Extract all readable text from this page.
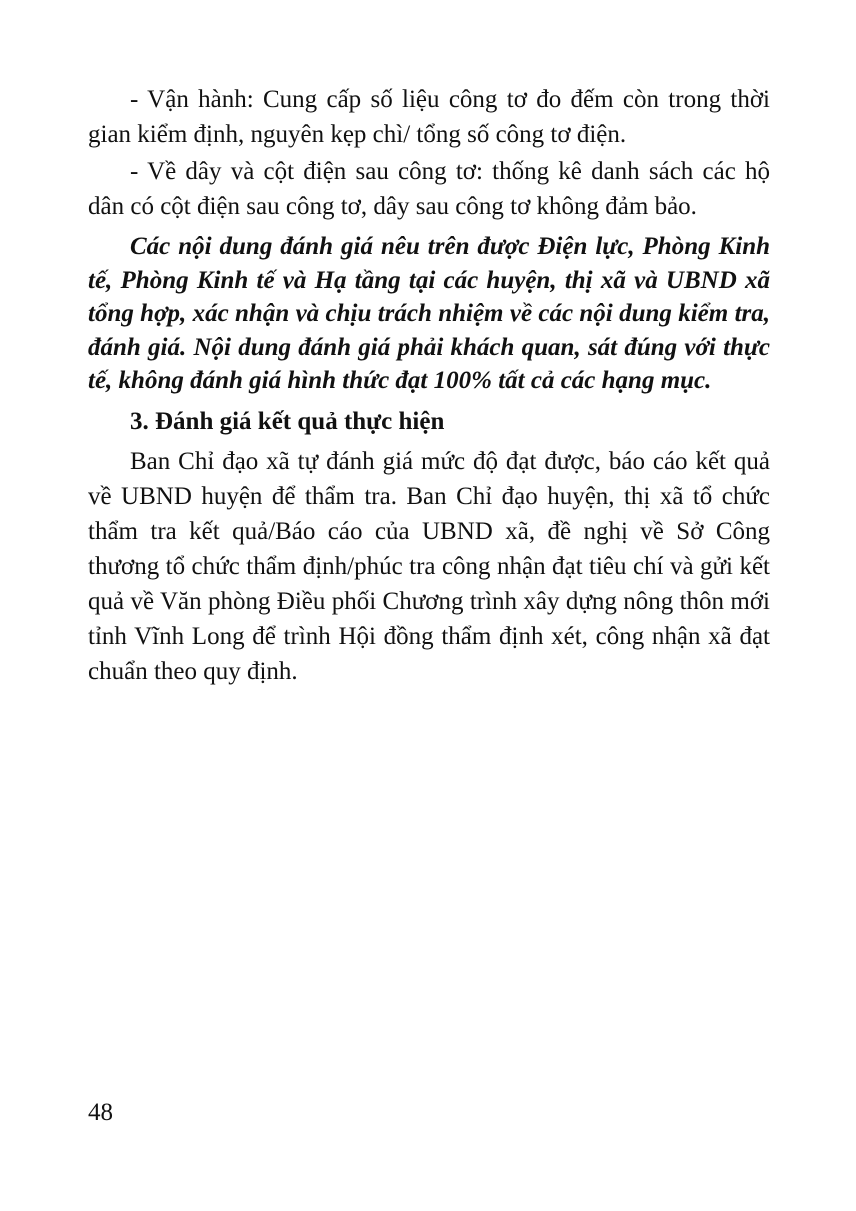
- Vận hành: Cung cấp số liệu công tơ đo đếm còn trong thời gian kiểm định, nguyên kẹp chì/ tổng số công tơ điện.

- Về dây và cột điện sau công tơ: thống kê danh sách các hộ dân có cột điện sau công tơ, dây sau công tơ không đảm bảo.

Các nội dung đánh giá nêu trên được Điện lực, Phòng Kinh tế, Phòng Kinh tế và Hạ tầng tại các huyện, thị xã và UBND xã tổng hợp, xác nhận và chịu trách nhiệm về các nội dung kiểm tra, đánh giá. Nội dung đánh giá phải khách quan, sát đúng với thực tế, không đánh giá hình thức đạt 100% tất cả các hạng mục.

3. Đánh giá kết quả thực hiện

Ban Chỉ đạo xã tự đánh giá mức độ đạt được, báo cáo kết quả về UBND huyện để thẩm tra. Ban Chỉ đạo huyện, thị xã tổ chức thẩm tra kết quả/Báo cáo của UBND xã, đề nghị về Sở Công thương tổ chức thẩm định/phúc tra công nhận đạt tiêu chí và gửi kết quả về Văn phòng Điều phối Chương trình xây dựng nông thôn mới tỉnh Vĩnh Long để trình Hội đồng thẩm định xét, công nhận xã đạt chuẩn theo quy định.

48
